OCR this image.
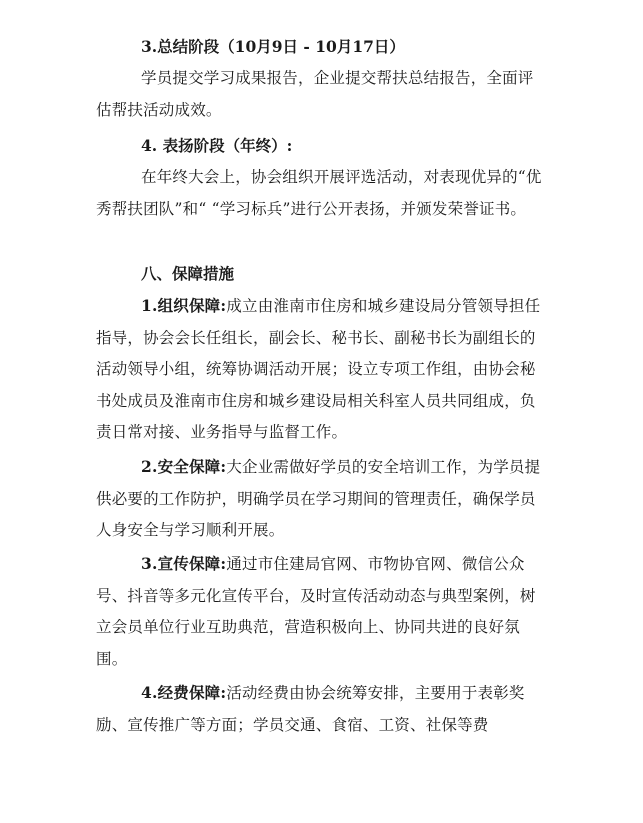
3.总结阶段（10月9日 - 10月17日）

学员提交学习成果报告，企业提交帮扶总结报告，全面评估帮扶活动成效。

4. 表扬阶段（年终）:

在年终大会上，协会组织开展评选活动，对表现优异的“优秀帮扶团队”和“ “学习标兵”进行公开表扬，并颁发荣誉证书。

八、保障措施

1.组织保障:成立由淮南市住房和城乡建设局分管领导担任指导，协会会长任组长，副会长、秘书长、副秘书长为副组长的活动领导小组，统筹协调活动开展；设立专项工作组，由协会秘书处成员及淮南市住房和城乡建设局相关科室人员共同组成，负责日常对接、业务指导与监督工作。

2.安全保障:大企业需做好学员的安全培训工作，为学员提供必要的工作防护，明确学员在学习期间的管理责任，确保学员人身安全与学习顺利开展。

3.宣传保障:通过市住建局官网、市物协官网、微信公众号、抖音等多元化宣传平台，及时宣传活动动态与典型案例，树立会员单位行业互助典范，营造积极向上、协同共进的良好氛围。

4.经费保障:活动经费由协会统筹安排，主要用于表彰奖励、宣传推广等方面；学员交通、食宿、工资、社保等费
